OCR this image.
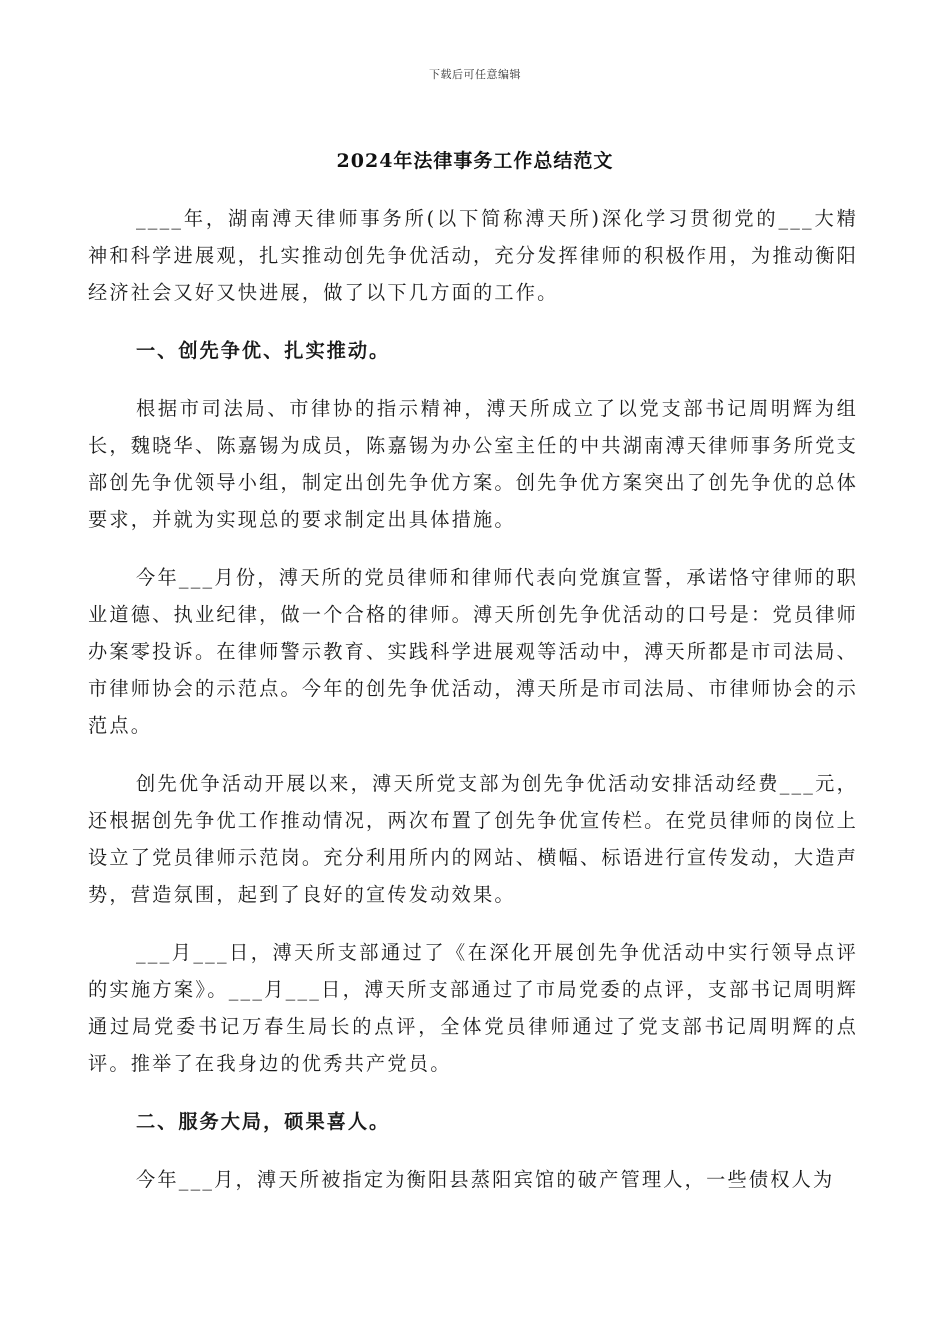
下载后可任意编辑
2024年法律事务工作总结范文

____年，湖南溥天律师事务所(以下简称溥天所)深化学习贯彻党的___大精神和科学进展观，扎实推动创先争优活动，充分发挥律师的积极作用，为推动衡阳经济社会又好又快进展，做了以下几方面的工作。

一、创先争优、扎实推动。

根据市司法局、市律协的指示精神，溥天所成立了以党支部书记周明辉为组长，魏晓华、陈嘉锡为成员，陈嘉锡为办公室主任的中共湖南溥天律师事务所党支部创先争优领导小组，制定出创先争优方案。创先争优方案突出了创先争优的总体要求，并就为实现总的要求制定出具体措施。

今年___月份，溥天所的党员律师和律师代表向党旗宣誓，承诺恪守律师的职业道德、执业纪律，做一个合格的律师。溥天所创先争优活动的口号是：党员律师办案零投诉。在律师警示教育、实践科学进展观等活动中，溥天所都是市司法局、市律师协会的示范点。今年的创先争优活动，溥天所是市司法局、市律师协会的示范点。

创先优争活动开展以来，溥天所党支部为创先争优活动安排活动经费___元，还根据创先争优工作推动情况，两次布置了创先争优宣传栏。在党员律师的岗位上设立了党员律师示范岗。充分利用所内的网站、横幅、标语进行宣传发动，大造声势，营造氛围，起到了良好的宣传发动效果。

___月___日，溥天所支部通过了《在深化开展创先争优活动中实行领导点评的实施方案》。___月___日，溥天所支部通过了市局党委的点评，支部书记周明辉通过局党委书记万春生局长的点评，全体党员律师通过了党支部书记周明辉的点评。推举了在我身边的优秀共产党员。

二、服务大局，硕果喜人。

今年___月，溥天所被指定为衡阳县蒸阳宾馆的破产管理人，一些债权人为
